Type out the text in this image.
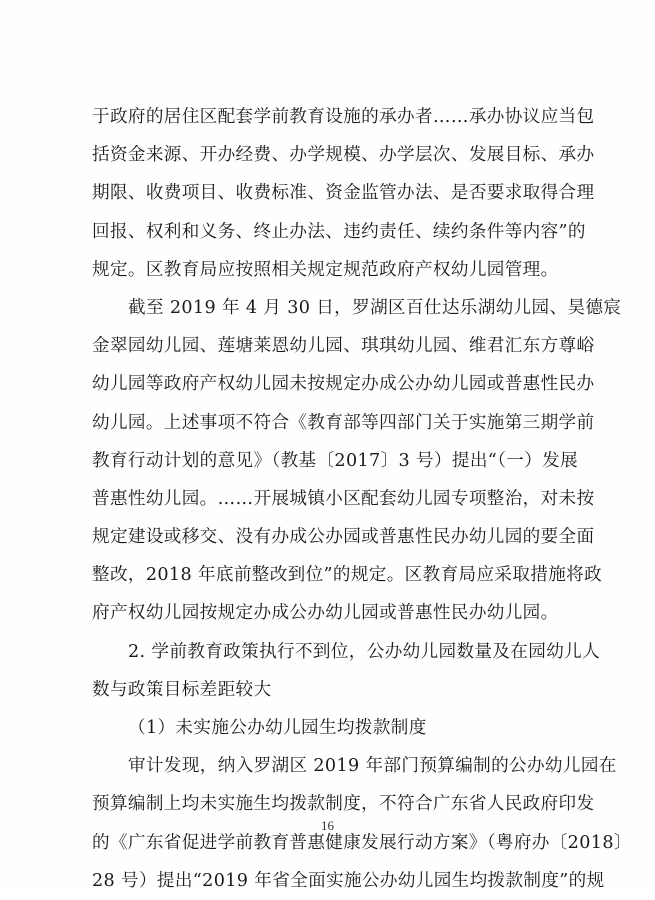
于政府的居住区配套学前教育设施的承办者……承办协议应当包
括资金来源、开办经费、办学规模、办学层次、发展目标、承办
期限、收费项目、收费标准、资金监管办法、是否要求取得合理
回报、权利和义务、终止办法、违约责任、续约条件等内容”的
规定。区教育局应按照相关规定规范政府产权幼儿园管理。
截至 2019 年 4 月 30 日，罗湖区百仕达乐湖幼儿园、昊德宸
金翠园幼儿园、莲塘莱恩幼儿园、琪琪幼儿园、维君汇东方尊峪
幼儿园等政府产权幼儿园未按规定办成公办幼儿园或普惠性民办
幼儿园。上述事项不符合《教育部等四部门关于实施第三期学前
教育行动计划的意见》（教基〔2017〕3 号）提出“（一）发展
普惠性幼儿园。……开展城镇小区配套幼儿园专项整治，对未按
规定建设或移交、没有办成公办园或普惠性民办幼儿园的要全面
整改，2018 年底前整改到位”的规定。区教育局应采取措施将政
府产权幼儿园按规定办成公办幼儿园或普惠性民办幼儿园。
2. 学前教育政策执行不到位，公办幼儿园数量及在园幼儿人
数与政策目标差距较大
（1）未实施公办幼儿园生均拨款制度
审计发现，纳入罗湖区 2019 年部门预算编制的公办幼儿园在
预算编制上均未实施生均拨款制度，不符合广东省人民政府印发
的《广东省促进学前教育普惠健康发展行动方案》（粤府办〔2018〕
28 号）提出“2019 年省全面实施公办幼儿园生均拨款制度”的规
16
